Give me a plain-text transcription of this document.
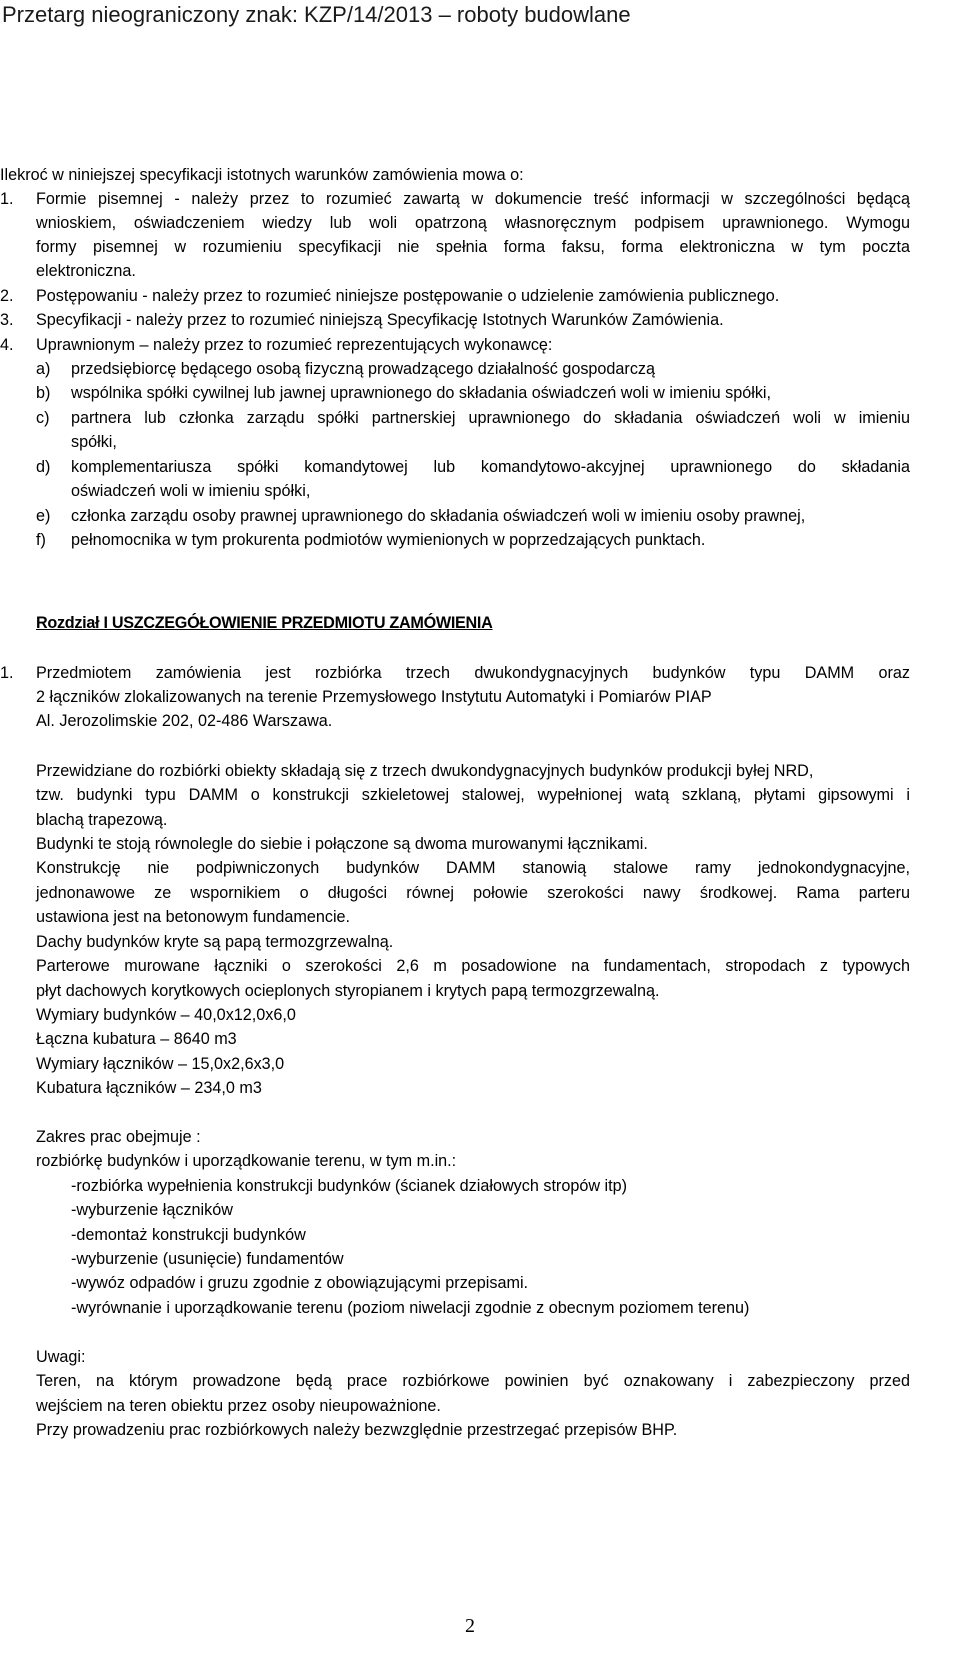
Przetarg nieograniczony znak: KZP/14/2013 – roboty budowlane
Ilekroć w niniejszej specyfikacji istotnych warunków zamówienia mowa o:
1. Formie pisemnej - należy przez to rozumieć zawartą w dokumencie treść informacji w szczególności będącą
wnioskiem, oświadczeniem wiedzy lub woli opatrzoną własnoręcznym podpisem uprawnionego. Wymogu
formy pisemnej w rozumieniu specyfikacji nie spełnia forma faksu, forma elektroniczna w tym poczta
elektroniczna.
2. Postępowaniu - należy przez to rozumieć niniejsze postępowanie o udzielenie zamówienia publicznego.
3. Specyfikacji - należy przez to rozumieć niniejszą Specyfikację Istotnych Warunków Zamówienia.
4. Uprawnionym – należy przez to rozumieć reprezentujących wykonawcę:
a) przedsiębiorcę będącego osobą fizyczną prowadzącego działalność gospodarczą
b) wspólnika spółki cywilnej lub jawnej uprawnionego do składania oświadczeń woli w imieniu spółki,
c) partnera lub członka zarządu spółki partnerskiej uprawnionego do składania oświadczeń woli w imieniu
spółki,
d) komplementariusza spółki komandytowej lub komandytowo-akcyjnej uprawnionego do składania
oświadczeń woli w imieniu spółki,
e) członka zarządu osoby prawnej uprawnionego do składania oświadczeń woli w imieniu osoby prawnej,
f) pełnomocnika w tym prokurenta podmiotów wymienionych w poprzedzających punktach.
Rozdział I USZCZEGÓŁOWIENIE PRZEDMIOTU ZAMÓWIENIA
1. Przedmiotem zamówienia jest rozbiórka trzech dwukondygnacyjnych budynków typu DAMM oraz
2 łączników zlokalizowanych na terenie Przemysłowego Instytutu Automatyki i Pomiarów PIAP
Al. Jerozolimskie 202, 02-486 Warszawa.
Przewidziane do rozbiórki obiekty składają się z trzech dwukondygnacyjnych budynków produkcji byłej NRD,
tzw. budynki typu DAMM o konstrukcji szkieletowej stalowej, wypełnionej watą szklaną, płytami gipsowymi i
blachą trapezową.
Budynki te stoją równolegle do siebie i połączone są dwoma murowanymi łącznikami.
Konstrukcję nie podpiwniczonych budynków DAMM stanowią stalowe ramy jednokondygnacyjne,
jednonawowe ze wspornikiem o długości równej połowie szerokości nawy środkowej. Rama parteru
ustawiona jest na betonowym fundamencie.
Dachy budynków kryte są papą termozgrzewalną.
Parterowe murowane łączniki o szerokości 2,6 m posadowione na fundamentach, stropodach z typowych
płyt dachowych korytkowych ocieplonych styropianem i krytych papą termozgrzewalną.
Wymiary budynków – 40,0x12,0x6,0
Łączna kubatura – 8640 m3
Wymiary łączników – 15,0x2,6x3,0
Kubatura łączników – 234,0 m3
Zakres prac obejmuje :
rozbiórkę budynków i uporządkowanie terenu, w tym m.in.:
-rozbiórka wypełnienia konstrukcji budynków (ścianek działowych stropów itp)
-wyburzenie łączników
-demontaż konstrukcji budynków
-wyburzenie (usunięcie) fundamentów
-wywóz odpadów i gruzu zgodnie z obowiązującymi przepisami.
-wyrównanie i uporządkowanie terenu (poziom niwelacji zgodnie z obecnym poziomem terenu)
Uwagi:
Teren, na którym prowadzone będą prace rozbiórkowe powinien być oznakowany i zabezpieczony przed
wejściem na teren obiektu przez osoby nieupoważnione.
Przy prowadzeniu prac rozbiórkowych należy bezwzględnie przestrzegać przepisów BHP.
2
